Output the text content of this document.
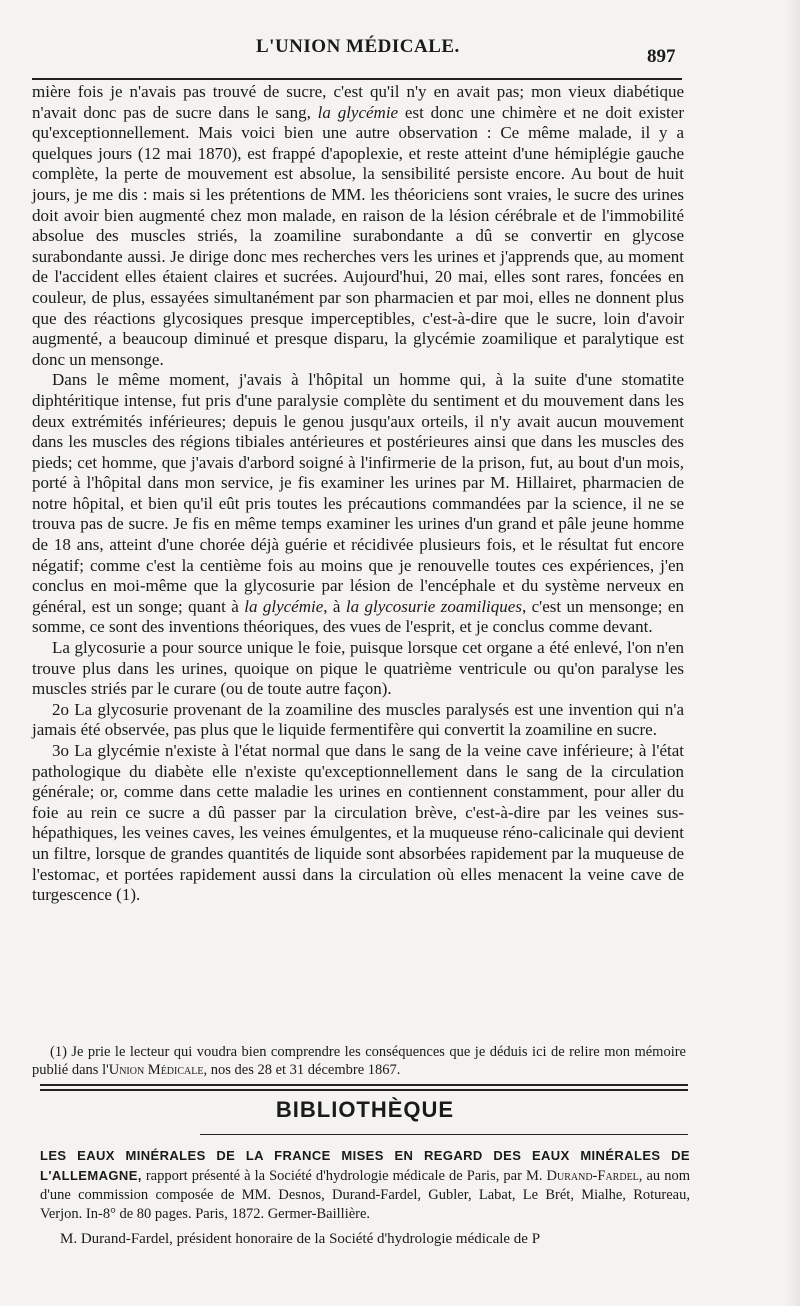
L'UNION MÉDICALE.	897

mière fois je n'avais pas trouvé de sucre, c'est qu'il n'y en avait pas; mon vieux diabétique n'avait donc pas de sucre dans le sang, la glycémie est donc une chimère et ne doit exister qu'exceptionnellement. Mais voici bien une autre observation : Ce même malade, il y a quelques jours (12 mai 1870), est frappé d'apoplexie, et reste atteint d'une hémiplégie gauche complète, la perte de mouvement est absolue, la sensibilité persiste encore. Au bout de huit jours, je me dis : mais si les prétentions de MM. les théoriciens sont vraies, le sucre des urines doit avoir bien augmenté chez mon malade, en raison de la lésion cérébrale et de l'immobilité absolue des muscles striés, la zoamiline surabondante a dû se convertir en glycose surabondante aussi. Je dirige donc mes recherches vers les urines et j'apprends que, au moment de l'accident elles étaient claires et sucrées. Aujourd'hui, 20 mai, elles sont rares, foncées en couleur, de plus, essayées simultanément par son pharmacien et par moi, elles ne donnent plus que des réactions glycosiques presque imperceptibles, c'est-à-dire que le sucre, loin d'avoir augmenté, a beaucoup diminué et presque disparu, la glycémie zoamilique et paralytique est donc un mensonge.

Dans le même moment, j'avais à l'hôpital un homme qui, à la suite d'une stomatite diphtéritique intense, fut pris d'une paralysie complète du sentiment et du mouvement dans les deux extrémités inférieures; depuis le genou jusqu'aux orteils, il n'y avait aucun mouvement dans les muscles des régions tibiales antérieures et postérieures ainsi que dans les muscles des pieds; cet homme, que j'avais d'arbord soigné à l'infirmerie de la prison, fut, au bout d'un mois, porté à l'hôpital dans mon service, je fis examiner les urines par M. Hillairet, pharmacien de notre hôpital, et bien qu'il eût pris toutes les précautions commandées par la science, il ne se trouva pas de sucre. Je fis en même temps examiner les urines d'un grand et pâle jeune homme de 18 ans, atteint d'une chorée déjà guérie et récidivée plusieurs fois, et le résultat fut encore négatif; comme c'est la centième fois au moins que je renouvelle toutes ces expériences, j'en conclus en moi-même que la glycosurie par lésion de l'encéphale et du système nerveux en général, est un songe; quant à la glycémie, à la glycosurie zoamiliques, c'est un mensonge; en somme, ce sont des inventions théoriques, des vues de l'esprit, et je conclus comme devant.

La glycosurie a pour source unique le foie, puisque lorsque cet organe a été enlevé, l'on n'en trouve plus dans les urines, quoique on pique le quatrième ventricule ou qu'on paralyse les muscles striés par le curare (ou de toute autre façon).

2o La glycosurie provenant de la zoamiline des muscles paralysés est une invention qui n'a jamais été observée, pas plus que le liquide fermentifère qui convertit la zoamiline en sucre.

3o La glycémie n'existe à l'état normal que dans le sang de la veine cave inférieure; à l'état pathologique du diabète elle n'existe qu'exceptionnellement dans le sang de la circulation générale; or, comme dans cette maladie les urines en contiennent constamment, pour aller du foie au rein ce sucre a dû passer par la circulation brève, c'est-à-dire par les veines sus-hépathiques, les veines caves, les veines émulgentes, et la muqueuse réno-calicinale qui devient un filtre, lorsque de grandes quantités de liquide sont absorbées rapidement par la muqueuse de l'estomac, et portées rapidement aussi dans la circulation où elles menacent la veine cave de turgescence (1).

(1) Je prie le lecteur qui voudra bien comprendre les conséquences que je déduis ici de relire mon mémoire publié dans l'Union Médicale, nos des 28 et 31 décembre 1867.
BIBLIOTHÈQUE
LES EAUX MINÉRALES DE LA FRANCE MISES EN REGARD DES EAUX MINÉRALES DE L'ALLEMAGNE, rapport présenté à la Société d'hydrologie médicale de Paris, par M. Durand-Fardel, au nom d'une commission composée de MM. Desnos, Durand-Fardel, Gubler, Labat, Le Brét, Mialhe, Rotureau, Verjon. In-8° de 80 pages. Paris, 1872. Germer-Baillière.
M. Durand-Fardel, président honoraire de la Société d'hydrologie médicale de P
